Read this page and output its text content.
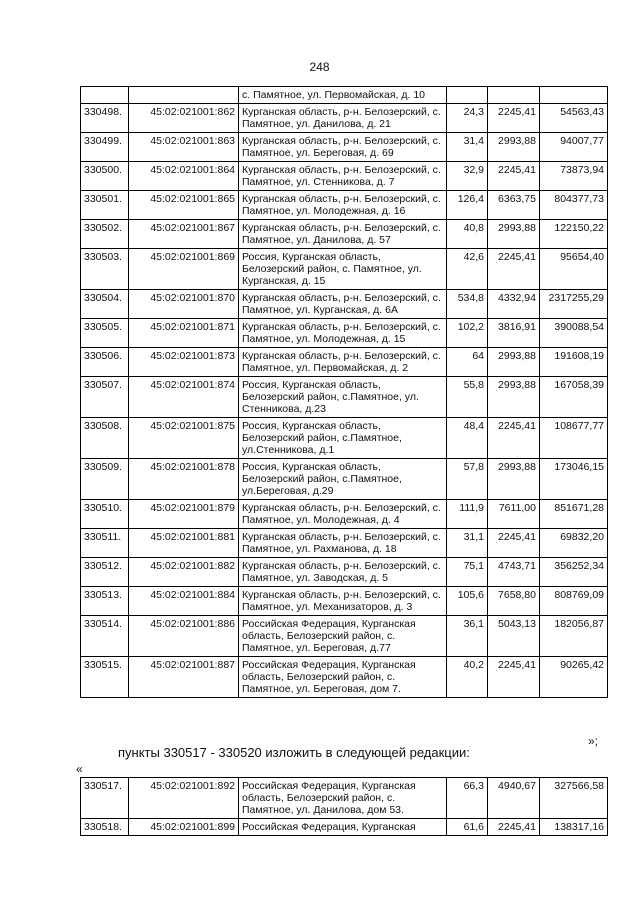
248
		с. Памятное, ул. Первомайская, д. 10			
330498.	45:02:021001:862	Курганская область, р-н. Белозерский, с. Памятное, ул. Данилова, д. 21	24,3	2245,41	54563,43
330499.	45:02:021001:863	Курганская область, р-н. Белозерский, с. Памятное, ул. Береговая, д. 69	31,4	2993,88	94007,77
330500.	45:02:021001:864	Курганская область, р-н. Белозерский, с. Памятное, ул. Стенникова, д. 7	32,9	2245,41	73873,94
330501.	45:02:021001:865	Курганская область, р-н. Белозерский, с. Памятное, ул. Молодежная, д. 16	126,4	6363,75	804377,73
330502.	45:02:021001:867	Курганская область, р-н. Белозерский, с. Памятное, ул. Данилова, д. 57	40,8	2993,88	122150,22
330503.	45:02:021001:869	Россия, Курганская область, Белозерский район, с. Памятное, ул. Курганская, д. 15	42,6	2245,41	95654,40
330504.	45:02:021001:870	Курганская область, р-н. Белозерский, с. Памятное, ул. Курганская, д. 6А	534,8	4332,94	2317255,29
330505.	45:02:021001:871	Курганская область, р-н. Белозерский, с. Памятное, ул. Молодежная, д. 15	102,2	3816,91	390088,54
330506.	45:02:021001:873	Курганская область, р-н. Белозерский, с. Памятное, ул. Первомайская, д. 2	64	2993,88	191608,19
330507.	45:02:021001:874	Россия, Курганская область, Белозерский район, с.Памятное, ул. Стенникова, д.23	55,8	2993,88	167058,39
330508.	45:02:021001:875	Россия, Курганская область, Белозерский район, с.Памятное, ул.Стенникова, д.1	48,4	2245,41	108677,77
330509.	45:02:021001:878	Россия, Курганская область, Белозерский район, с.Памятное, ул.Береговая, д.29	57,8	2993,88	173046,15
330510.	45:02:021001:879	Курганская область, р-н. Белозерский, с. Памятное, ул. Молодежная, д. 4	111,9	7611,00	851671,28
330511.	45:02:021001:881	Курганская область, р-н. Белозерский, с. Памятное, ул. Рахманова, д. 18	31,1	2245,41	69832,20
330512.	45:02:021001:882	Курганская область, р-н. Белозерский, с. Памятное, ул. Заводская, д. 5	75,1	4743,71	356252,34
330513.	45:02:021001:884	Курганская область, р-н. Белозерский, с. Памятное, ул. Механизаторов, д. 3	105,6	7658,80	808769,09
330514.	45:02:021001:886	Российская Федерация, Курганская область, Белозерский район, с. Памятное, ул. Береговая, д.77	36,1	5043,13	182056,87
330515.	45:02:021001:887	Российская Федерация, Курганская область, Белозерский район, с. Памятное, ул. Береговая, дом 7.	40,2	2245,41	90265,42
»;
пункты 330517 - 330520 изложить в следующей редакции:
«
330517.	45:02:021001:892	Российская Федерация, Курганская область, Белозерский район, с. Памятное, ул. Данилова, дом 53.	66,3	4940,67	327566,58
330518.	45:02:021001:899	Российская Федерация, Курганская	61,6	2245,41	138317,16
